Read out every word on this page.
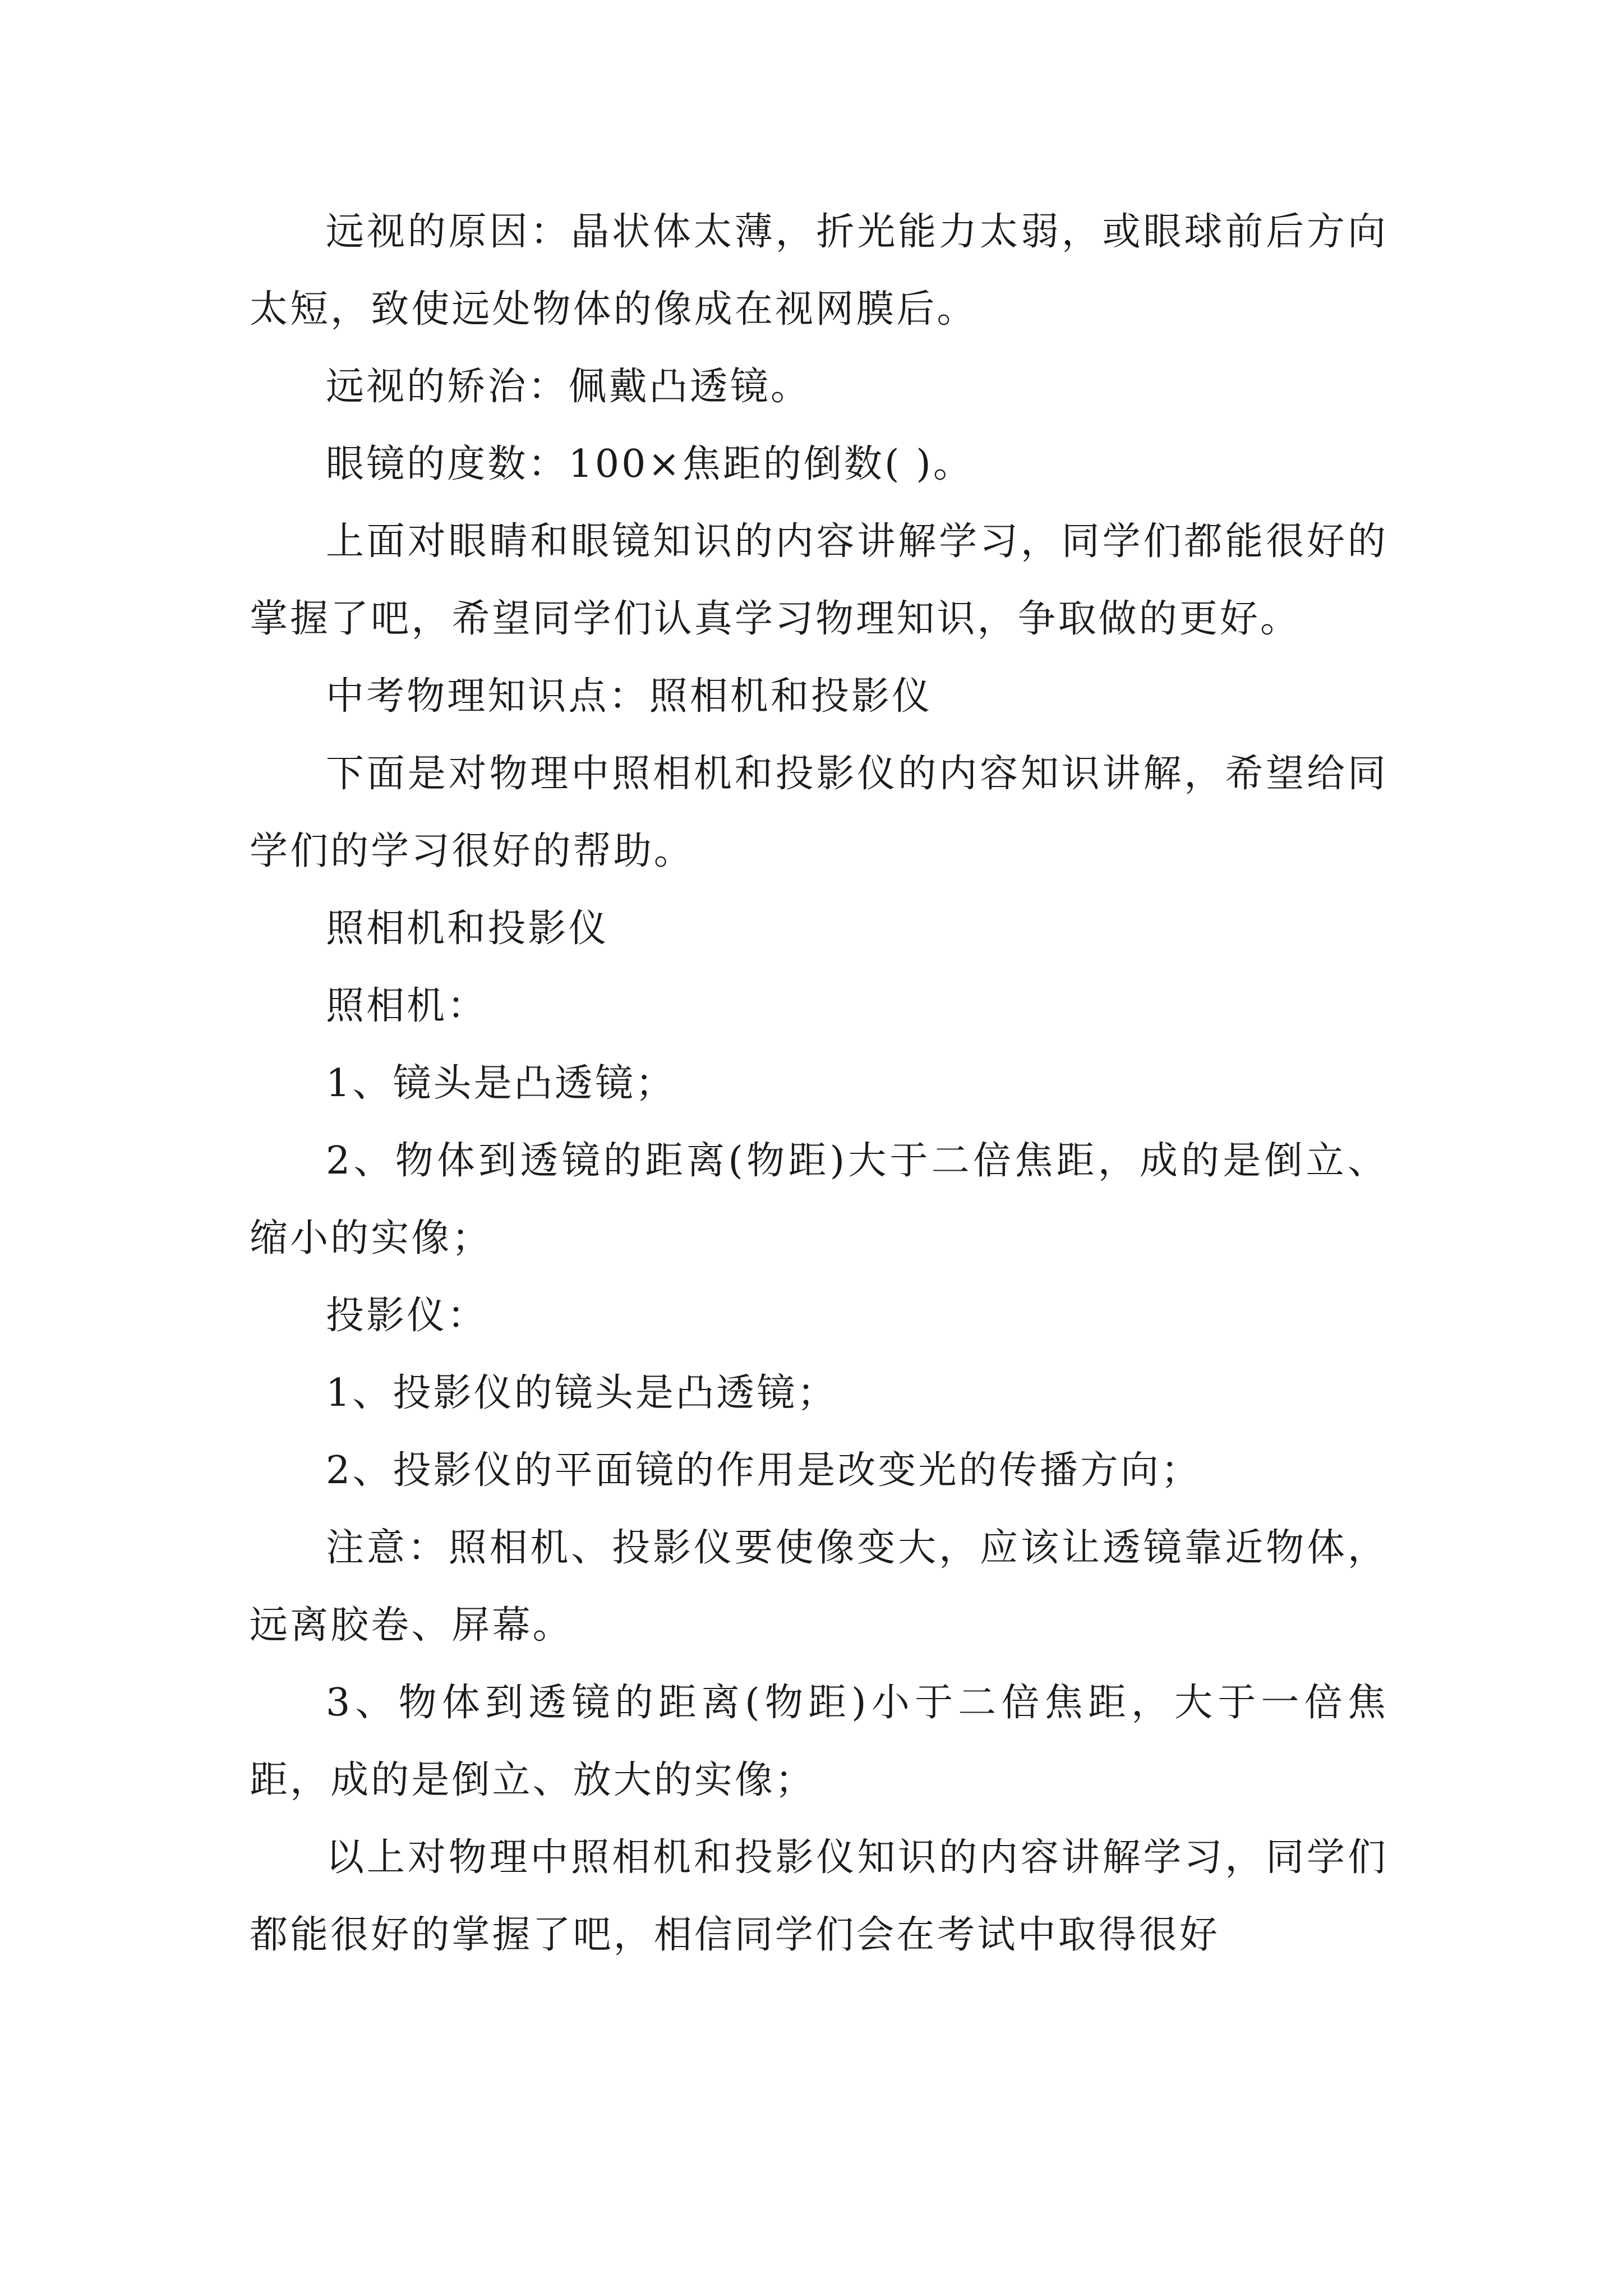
远视的原因：晶状体太薄，折光能力太弱，或眼球前后方向太短，致使远处物体的像成在视网膜后。

远视的矫治：佩戴凸透镜。

眼镜的度数：100×焦距的倒数( )。

上面对眼睛和眼镜知识的内容讲解学习，同学们都能很好的掌握了吧，希望同学们认真学习物理知识，争取做的更好。

中考物理知识点：照相机和投影仪

下面是对物理中照相机和投影仪的内容知识讲解，希望给同学们的学习很好的帮助。

照相机和投影仪

照相机：

1、镜头是凸透镜；

2、物体到透镜的距离(物距)大于二倍焦距，成的是倒立、缩小的实像；

投影仪：

1、投影仪的镜头是凸透镜；

2、投影仪的平面镜的作用是改变光的传播方向；

注意：照相机、投影仪要使像变大，应该让透镜靠近物体，远离胶卷、屏幕。

3、物体到透镜的距离(物距)小于二倍焦距，大于一倍焦距，成的是倒立、放大的实像；

以上对物理中照相机和投影仪知识的内容讲解学习，同学们都能很好的掌握了吧，相信同学们会在考试中取得很好
